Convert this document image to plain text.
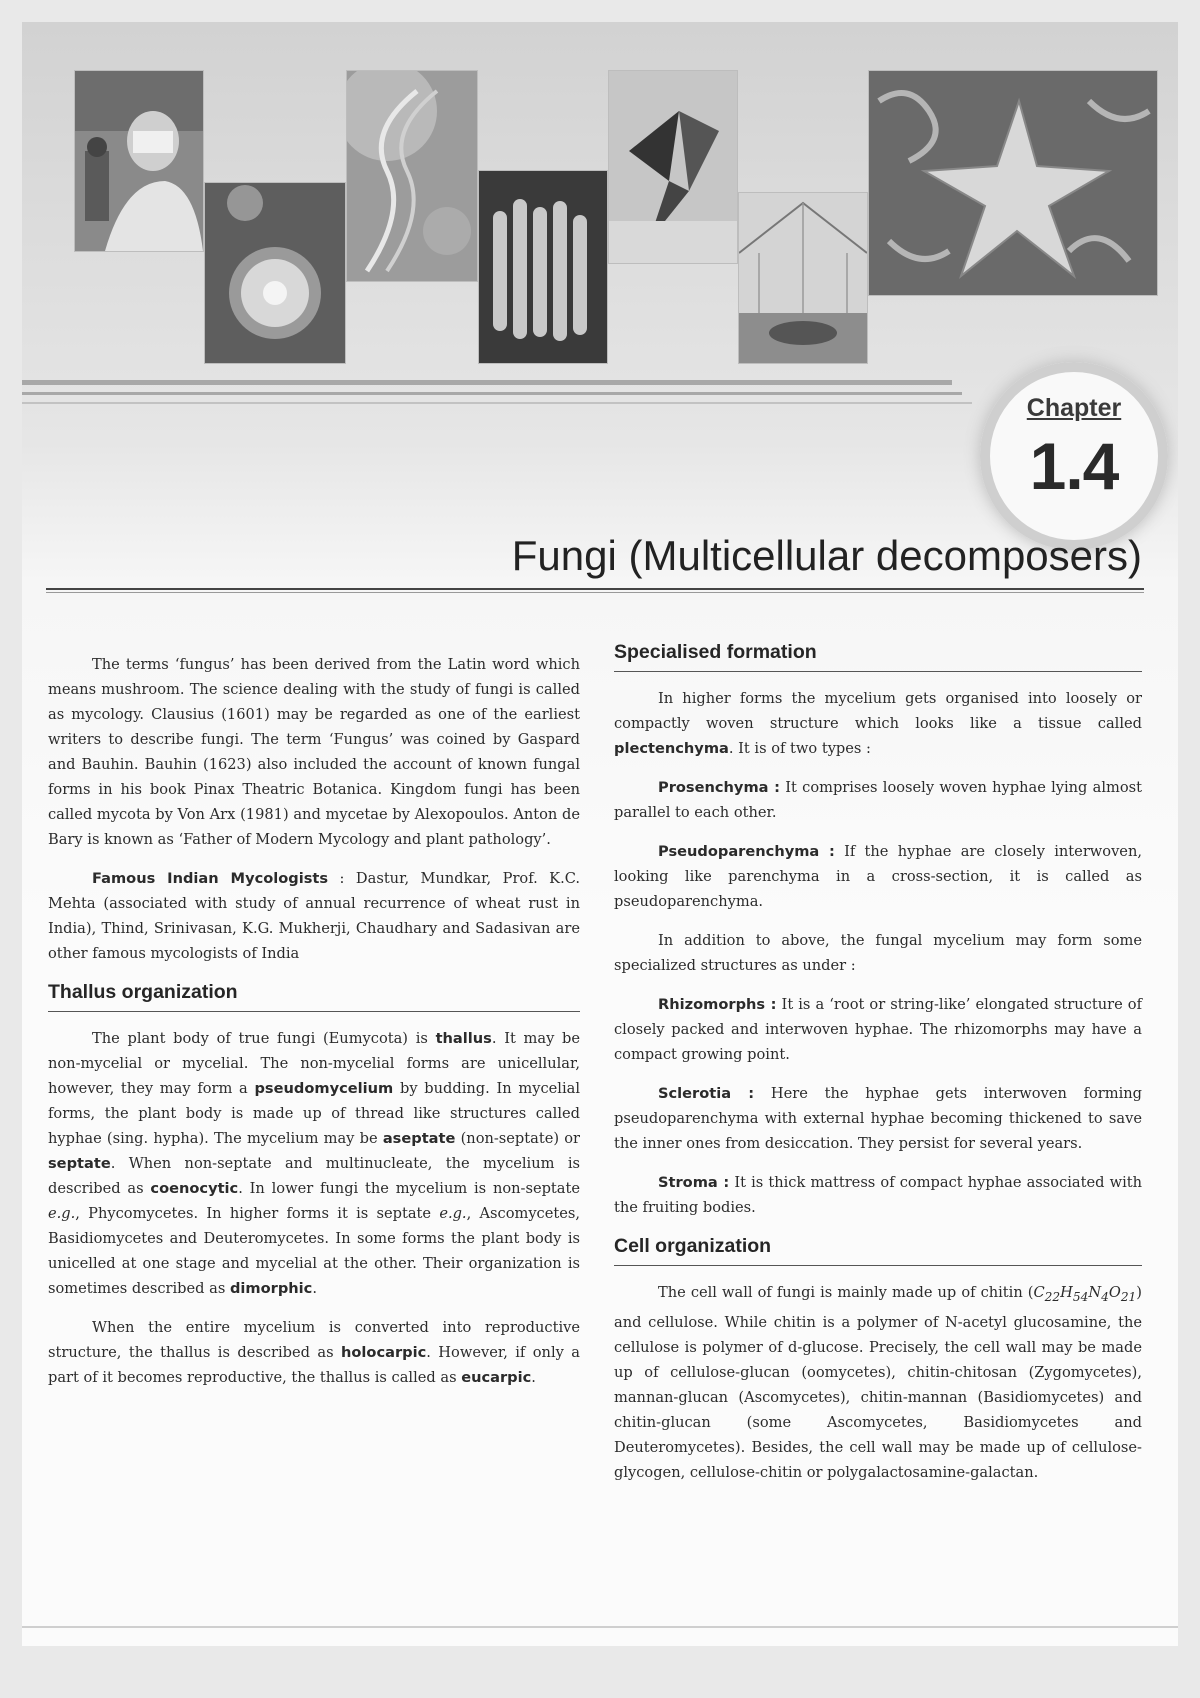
Chapter
1.4
Fungi (Multicellular decomposers)

The terms ‘fungus’ has been derived from the Latin word which means mushroom. The science dealing with the study of fungi is called as mycology. Clausius (1601) may be regarded as one of the earliest writers to describe fungi. The term ‘Fungus’ was coined by Gaspard and Bauhin. Bauhin (1623) also included the account of known fungal forms in his book Pinax Theatric Botanica. Kingdom fungi has been called mycota by Von Arx (1981) and mycetae by Alexopoulos. Anton de Bary is known as ‘Father of Modern Mycology and plant pathology’.

Famous Indian Mycologists : Dastur, Mundkar, Prof. K.C. Mehta (associated with study of annual recurrence of wheat rust in India), Thind, Srinivasan, K.G. Mukherji, Chaudhary and Sadasivan are other famous mycologists of India

Thallus organization

The plant body of true fungi (Eumycota) is thallus. It may be non-mycelial or mycelial. The non-mycelial forms are unicellular, however, they may form a pseudomycelium by budding. In mycelial forms, the plant body is made up of thread like structures called hyphae (sing. hypha). The mycelium may be aseptate (non-septate) or septate. When non-septate and multinucleate, the mycelium is described as coenocytic. In lower fungi the mycelium is non-septate e.g., Phycomycetes. In higher forms it is septate e.g., Ascomycetes, Basidiomycetes and Deuteromycetes. In some forms the plant body is unicelled at one stage and mycelial at the other. Their organization is sometimes described as dimorphic.

When the entire mycelium is converted into reproductive structure, the thallus is described as holocarpic. However, if only a part of it becomes reproductive, the thallus is called as eucarpic.

Specialised formation

In higher forms the mycelium gets organised into loosely or compactly woven structure which looks like a tissue called plectenchyma. It is of two types :

Prosenchyma : It comprises loosely woven hyphae lying almost parallel to each other.

Pseudoparenchyma : If the hyphae are closely interwoven, looking like parenchyma in a cross-section, it is called as pseudoparenchyma.

In addition to above, the fungal mycelium may form some specialized structures as under :

Rhizomorphs : It is a ‘root or string-like’ elongated structure of closely packed and interwoven hyphae. The rhizomorphs may have a compact growing point.

Sclerotia : Here the hyphae gets interwoven forming pseudoparenchyma with external hyphae becoming thickened to save the inner ones from desiccation. They persist for several years.

Stroma : It is thick mattress of compact hyphae associated with the fruiting bodies.

Cell organization

The cell wall of fungi is mainly made up of chitin $(C_{22}H_{54}N_4O_{21})$ and cellulose. While chitin is a polymer of N-acetyl glucosamine, the cellulose is polymer of d-glucose. Precisely, the cell wall may be made up of cellulose-glucan (oomycetes), chitin-chitosan (Zygomycetes), mannan-glucan (Ascomycetes), chitin-mannan (Basidiomycetes) and chitin-glucan (some Ascomycetes, Basidiomycetes and Deuteromycetes). Besides, the cell wall may be made up of cellulose-glycogen, cellulose-chitin or polygalactosamine-galactan.
